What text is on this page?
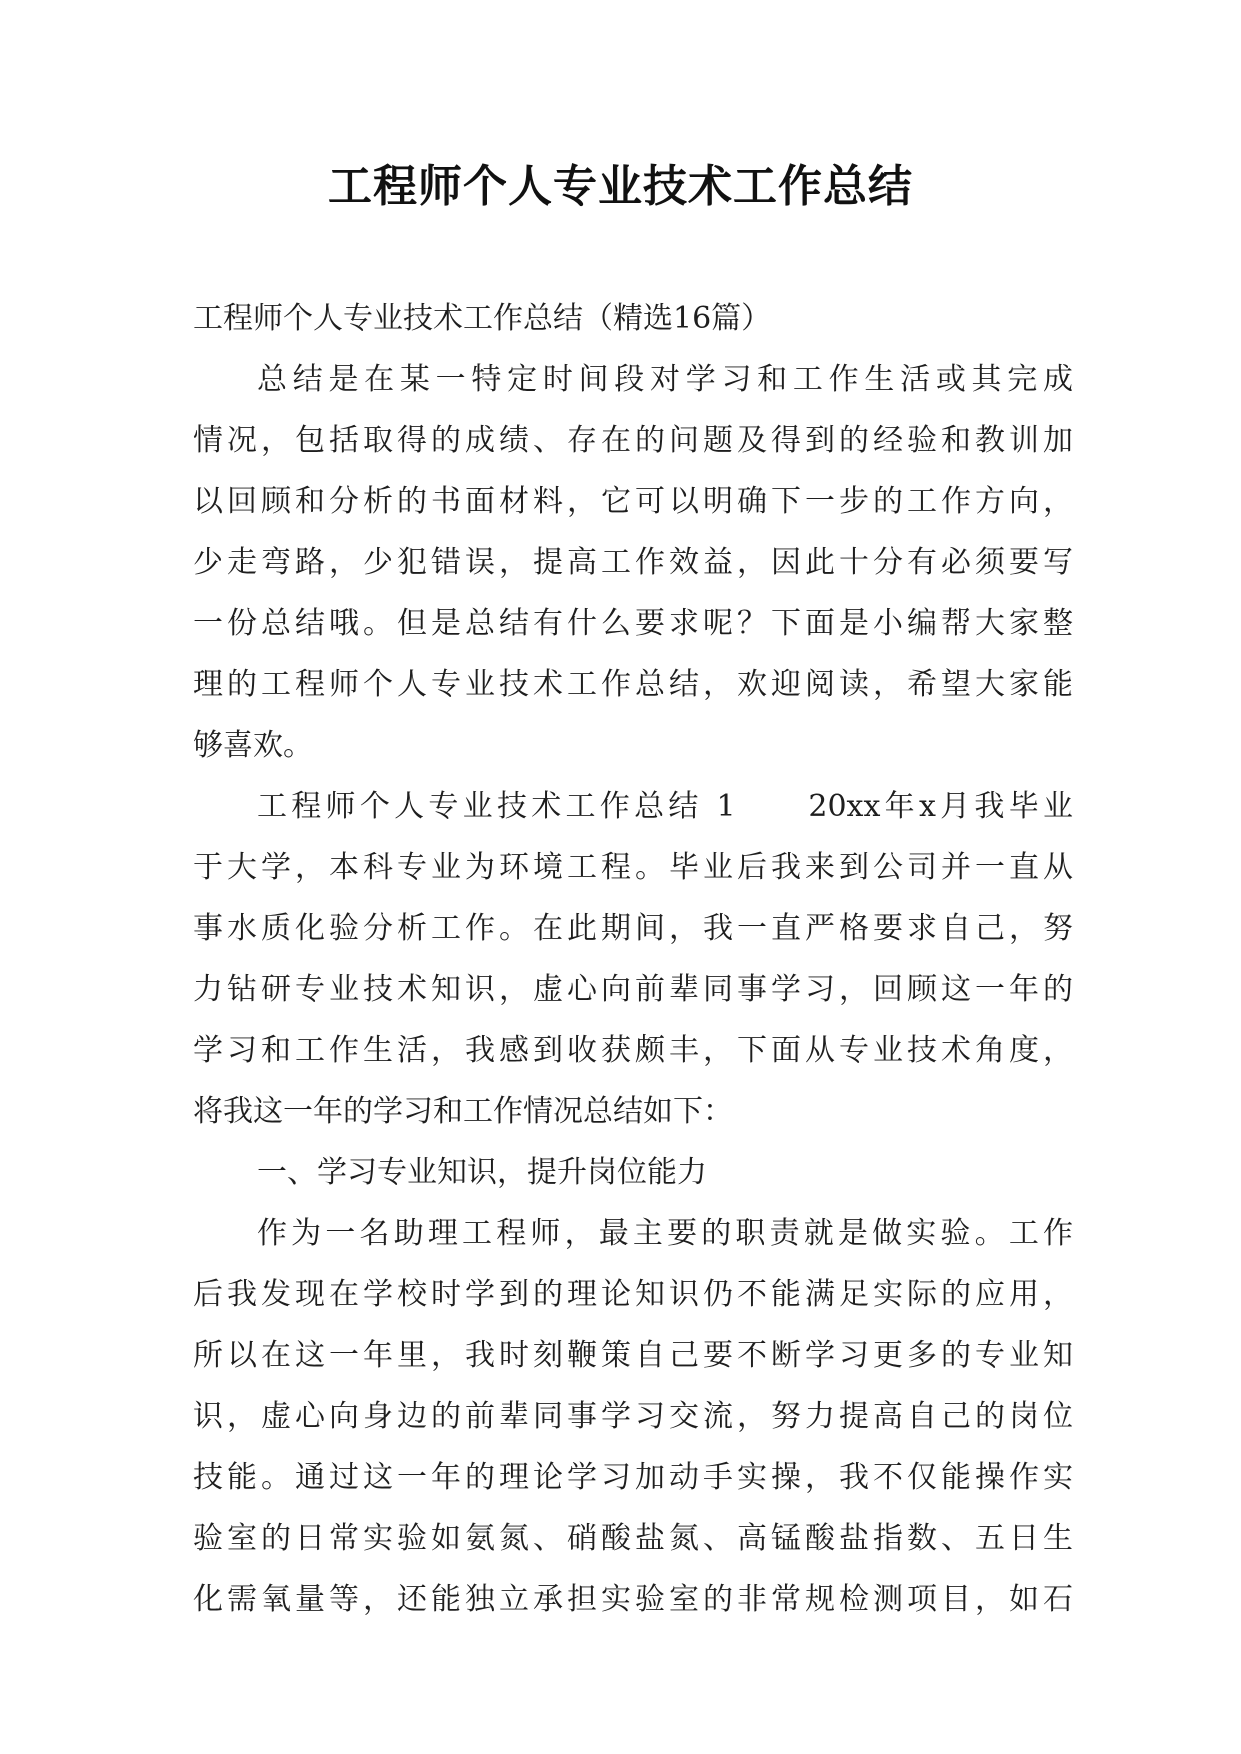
工程师个人专业技术工作总结
工程师个人专业技术工作总结（精选16篇）
总结是在某一特定时间段对学习和工作生活或其完成
情况，包括取得的成绩、存在的问题及得到的经验和教训加
以回顾和分析的书面材料，它可以明确下一步的工作方向，
少走弯路，少犯错误，提高工作效益，因此十分有必须要写
一份总结哦。但是总结有什么要求呢？下面是小编帮大家整
理的工程师个人专业技术工作总结，欢迎阅读，希望大家能
够喜欢。
工程师个人专业技术工作总结 1　　20xx年x月我毕业
于大学，本科专业为环境工程。毕业后我来到公司并一直从
事水质化验分析工作。在此期间，我一直严格要求自己，努
力钻研专业技术知识，虚心向前辈同事学习，回顾这一年的
学习和工作生活，我感到收获颇丰，下面从专业技术角度，
将我这一年的学习和工作情况总结如下：
一、学习专业知识，提升岗位能力
作为一名助理工程师，最主要的职责就是做实验。工作
后我发现在学校时学到的理论知识仍不能满足实际的应用，
所以在这一年里，我时刻鞭策自己要不断学习更多的专业知
识，虚心向身边的前辈同事学习交流，努力提高自己的岗位
技能。通过这一年的理论学习加动手实操，我不仅能操作实
验室的日常实验如氨氮、硝酸盐氮、高锰酸盐指数、五日生
化需氧量等，还能独立承担实验室的非常规检测项目，如石
